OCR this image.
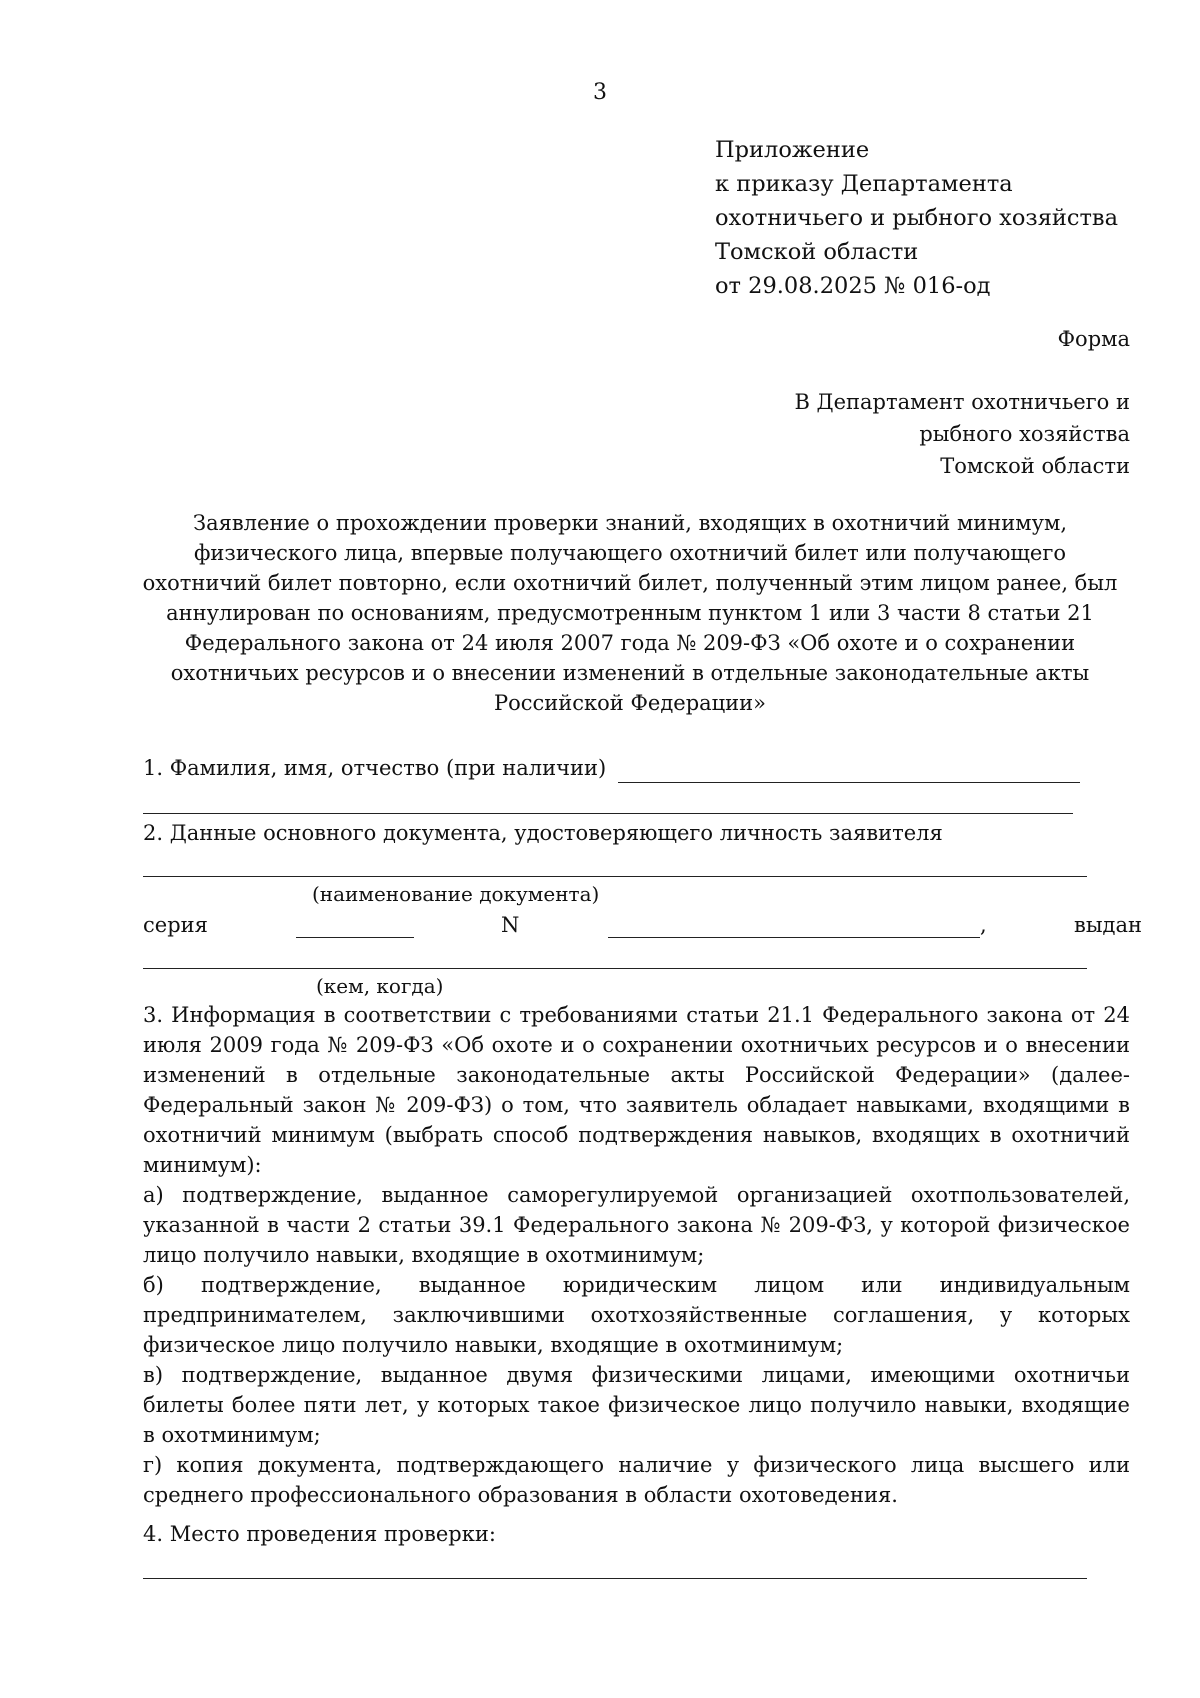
3
Приложение
к приказу Департамента
охотничьего и рыбного хозяйства
Томской области
от 29.08.2025 № 016-од
Форма
В Департамент охотничьего и
рыбного хозяйства
Томской области
Заявление о прохождении проверки знаний, входящих в охотничий минимум, физического лица, впервые получающего охотничий билет или получающего охотничий билет повторно, если охотничий билет, полученный этим лицом ранее, был аннулирован по основаниям, предусмотренным пунктом 1 или 3 части 8 статьи 21 Федерального закона от 24 июля 2007 года № 209-ФЗ «Об охоте и о сохранении охотничьих ресурсов и о внесении изменений в отдельные законодательные акты Российской Федерации»
1. Фамилия, имя, отчество (при наличии)
2. Данные основного документа, удостоверяющего личность заявителя
(наименование документа)
серия	N	,	выдан
(кем, когда)

3. Информация в соответствии с требованиями статьи 21.1 Федерального закона от 24 июля 2009 года № 209-ФЗ «Об охоте и о сохранении охотничьих ресурсов и о внесении изменений в отдельные законодательные акты Российской Федерации» (далее- Федеральный закон № 209-ФЗ) о том, что заявитель обладает навыками, входящими в охотничий минимум (выбрать способ подтверждения навыков, входящих в охотничий минимум):

а) подтверждение, выданное саморегулируемой организацией охотпользователей, указанной в части 2 статьи 39.1 Федерального закона № 209-ФЗ, у которой физическое лицо получило навыки, входящие в охотминимум;

б) подтверждение, выданное юридическим лицом или индивидуальным предпринимателем, заключившими охотхозяйственные соглашения, у которых физическое лицо получило навыки, входящие в охотминимум;

в) подтверждение, выданное двумя физическими лицами, имеющими охотничьи билеты более пяти лет, у которых такое физическое лицо получило навыки, входящие в охотминимум;

г) копия документа, подтверждающего наличие у физического лица высшего или среднего профессионального образования в области охотоведения.

4. Место проведения проверки:
